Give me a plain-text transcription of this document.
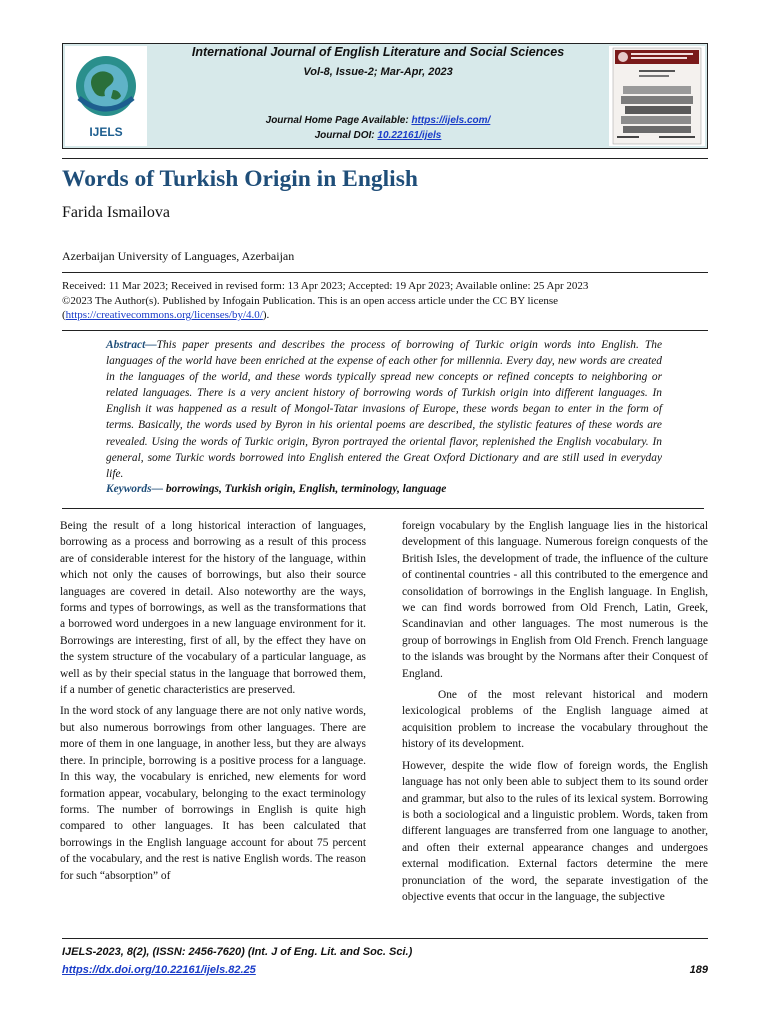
IJELS
International Journal of English Literature and Social Sciences
Vol-8, Issue-2; Mar-Apr, 2023
Journal Home Page Available: https://ijels.com/
Journal DOI: 10.22161/ijels
Words of Turkish Origin in English
Farida Ismailova
Azerbaijan University of Languages, Azerbaijan
Received: 11 Mar 2023; Received in revised form: 13 Apr 2023; Accepted: 19 Apr 2023; Available online: 25 Apr 2023
©2023 The Author(s). Published by Infogain Publication. This is an open access article under the CC BY license
(https://creativecommons.org/licenses/by/4.0/).
Abstract—This paper presents and describes the process of borrowing of Turkic origin words into English. The languages of the world have been enriched at the expense of each other for millennia. Every day, new words are created in the languages of the world, and these words typically spread new concepts or refined concepts to neighboring or related languages. There is a very ancient history of borrowing words of Turkish origin into different languages. In English it was happened as a result of Mongol-Tatar invasions of Europe, these words began to enter in the form of terms. Basically, the words used by Byron in his oriental poems are described, the stylistic features of these words are revealed. Using the words of Turkic origin, Byron portrayed the oriental flavor, replenished the English vocabulary. In general, some Turkic words borrowed into English entered the Great Oxford Dictionary and are still used in everyday life.
Keywords— borrowings, Turkish origin, English, terminology, language

Being the result of a long historical interaction of languages, borrowing as a process and borrowing as a result of this process are of considerable interest for the history of the language, within which not only the causes of borrowings, but also their source languages are covered in detail. Also noteworthy are the ways, forms and types of borrowings, as well as the transformations that a borrowed word undergoes in a new language environment for it. Borrowings are interesting, first of all, by the effect they have on the system structure of the vocabulary of a particular language, as well as by their special status in the language that borrowed them, if a number of genetic characteristics are preserved.

In the word stock of any language there are not only native words, but also numerous borrowings from other languages. There are more of them in one language, in another less, but they are always there. In principle, borrowing is a positive process for a language. In this way, the vocabulary is enriched, new elements for word formation appear, vocabulary, belonging to the exact terminology forms. The number of borrowings in English is quite high compared to other languages. It has been calculated that borrowings in the English language account for about 75 percent of the vocabulary, and the rest is native English words. The reason for such “absorption” of

foreign vocabulary by the English language lies in the historical development of this language. Numerous foreign conquests of the British Isles, the development of trade, the influence of the culture of continental countries - all this contributed to the emergence and consolidation of borrowings in the English language. In English, we can find words borrowed from Old French, Latin, Greek, Scandinavian and other languages. The most numerous is the group of borrowings in English from Old French. French language to the islands was brought by the Normans after their Conquest of England.

One of the most relevant historical and modern lexicological problems of the English language aimed at acquisition problem to increase the vocabulary throughout the history of its development.

However, despite the wide flow of foreign words, the English language has not only been able to subject them to its sound order and grammar, but also to the rules of its lexical system. Borrowing is both a sociological and a linguistic problem. Words, taken from different languages are transferred from one language to another, and often their external appearance changes and undergoes external modification. External factors determine the mere pronunciation of the word, the separate investigation of the objective events that occur in the language, the subjective

IJELS-2023, 8(2), (ISSN: 2456-7620) (Int. J of Eng. Lit. and Soc. Sci.)
https://dx.doi.org/10.22161/ijels.82.25	189
